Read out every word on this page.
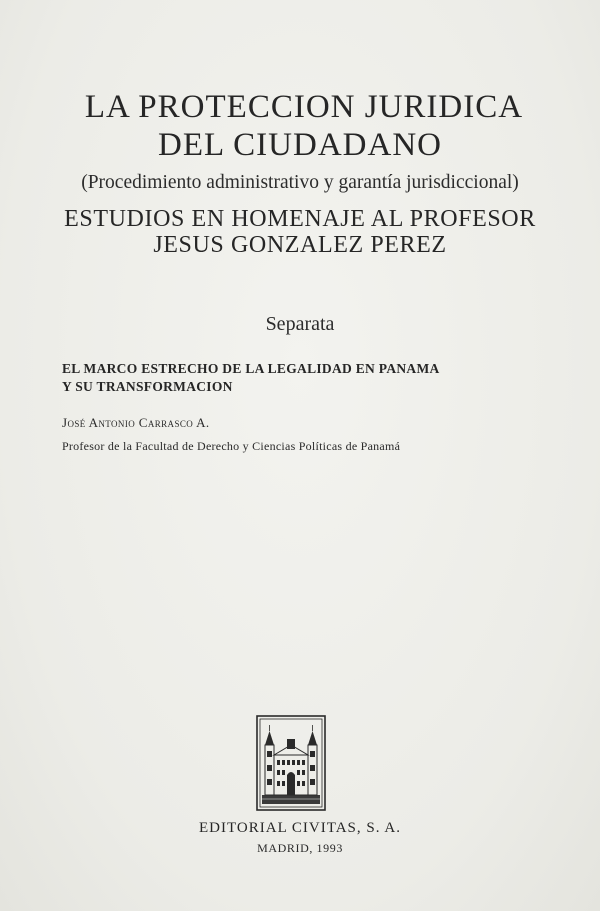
LA PROTECCION JURIDICA
DEL CIUDADANO
(Procedimiento administrativo y garantía jurisdiccional)
ESTUDIOS EN HOMENAJE AL PROFESOR
JESUS GONZALEZ PEREZ
Separata
EL MARCO ESTRECHO DE LA LEGALIDAD EN PANAMA
Y SU TRANSFORMACION
José Antonio Carrasco A.
Profesor de la Facultad de Derecho y Ciencias Políticas de Panamá
EDITORIAL CIVITAS, S. A.
MADRID, 1993
